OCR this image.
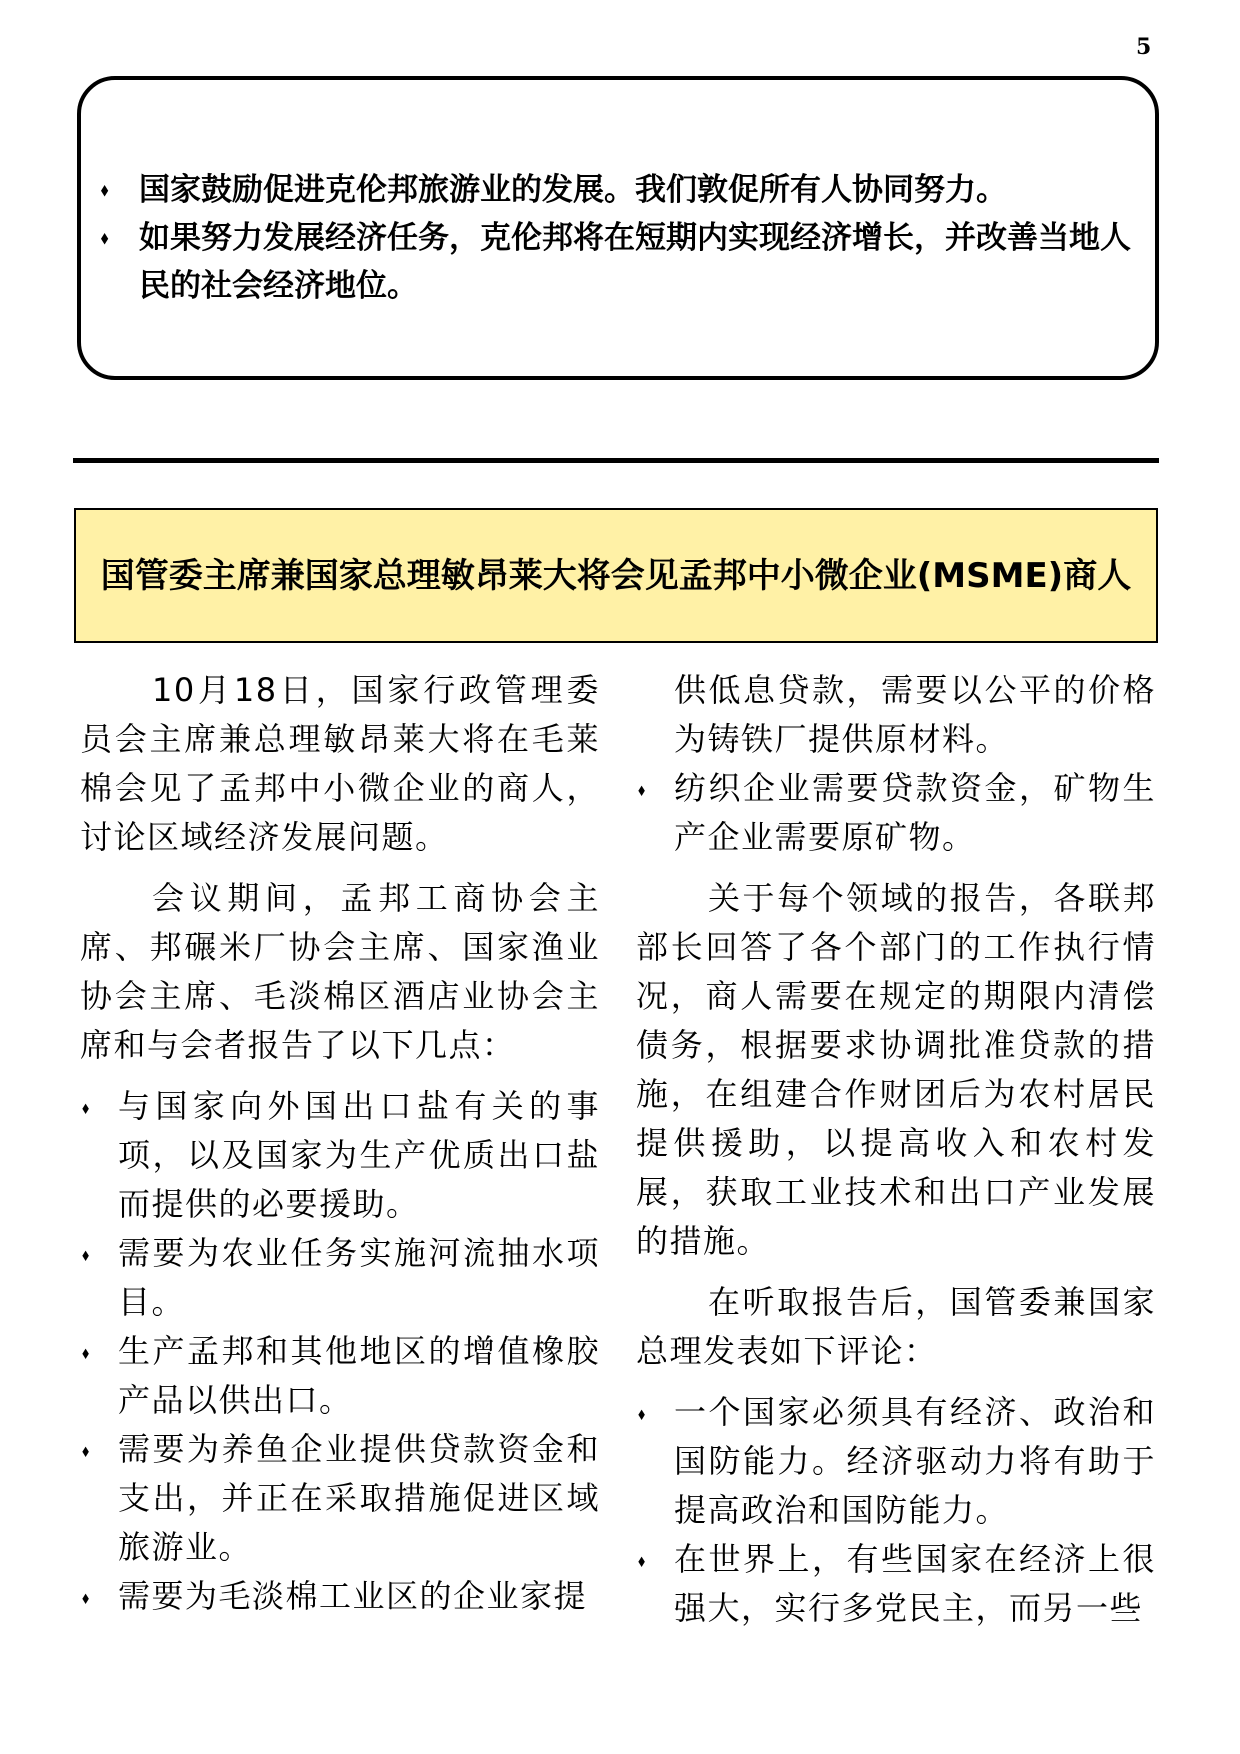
5
⬧ 国家鼓励促进克伦邦旅游业的发展。我们敦促所有人协同努力。
⬧ 如果努力发展经济任务，克伦邦将在短期内实现经济增长，并改善当地人民的社会经济地位。
国管委主席兼国家总理敏昂莱大将会见孟邦中小微企业(MSME)商人

10月18日，国家行政管理委员会主席兼总理敏昂莱大将在毛莱棉会见了孟邦中小微企业的商人，讨论区域经济发展问题。

会议期间，孟邦工商协会主席、邦碾米厂协会主席、国家渔业协会主席、毛淡棉区酒店业协会主席和与会者报告了以下几点：

⬧ 与国家向外国出口盐有关的事项，以及国家为生产优质出口盐而提供的必要援助。
⬧ 需要为农业任务实施河流抽水项目。
⬧ 生产孟邦和其他地区的增值橡胶产品以供出口。
⬧ 需要为养鱼企业提供贷款资金和支出，并正在采取措施促进区域旅游业。
⬧ 需要为毛淡棉工业区的企业家提

供低息贷款，需要以公平的价格为铸铁厂提供原材料。

⬧ 纺织企业需要贷款资金，矿物生产企业需要原矿物。

关于每个领域的报告，各联邦部长回答了各个部门的工作执行情况，商人需要在规定的期限内清偿债务，根据要求协调批准贷款的措施，在组建合作财团后为农村居民提供援助，以提高收入和农村发展，获取工业技术和出口产业发展的措施。

在听取报告后，国管委兼国家总理发表如下评论：

⬧ 一个国家必须具有经济、政治和国防能力。经济驱动力将有助于提高政治和国防能力。
⬧ 在世界上，有些国家在经济上很强大，实行多党民主，而另一些
